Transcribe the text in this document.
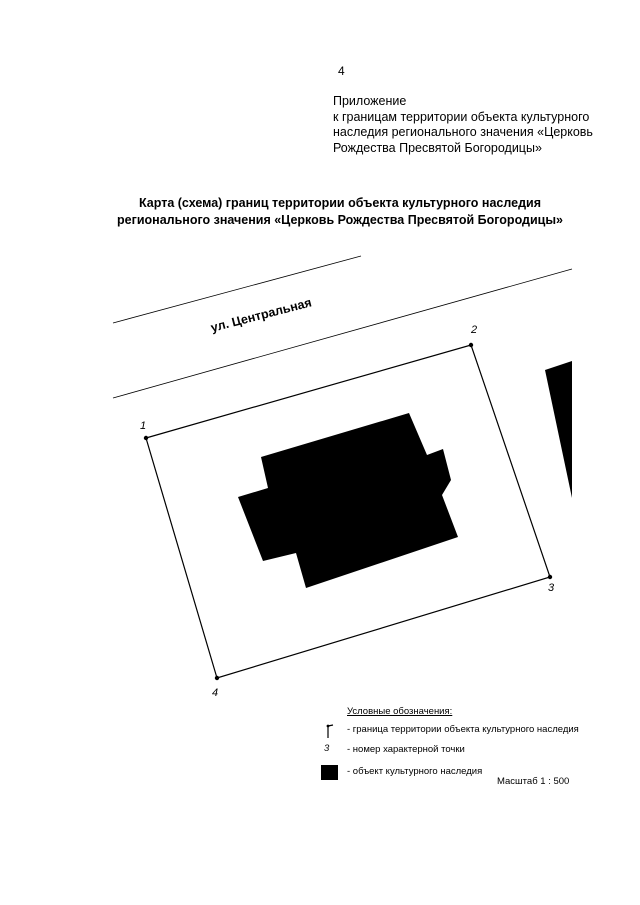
4
Приложение
к границам территории объекта культурного
наследия регионального значения «Церковь
Рождества Пресвятой Богородицы»
Карта (схема) границ территории объекта культурного наследия
регионального значения «Церковь Рождества Пресвятой Богородицы»
ул. Центральная
1
2
3
4
Условные обозначения:
- граница территории объекта культурного наследия
3 - номер характерной точки
- объект культурного наследия
Масштаб 1 : 500
